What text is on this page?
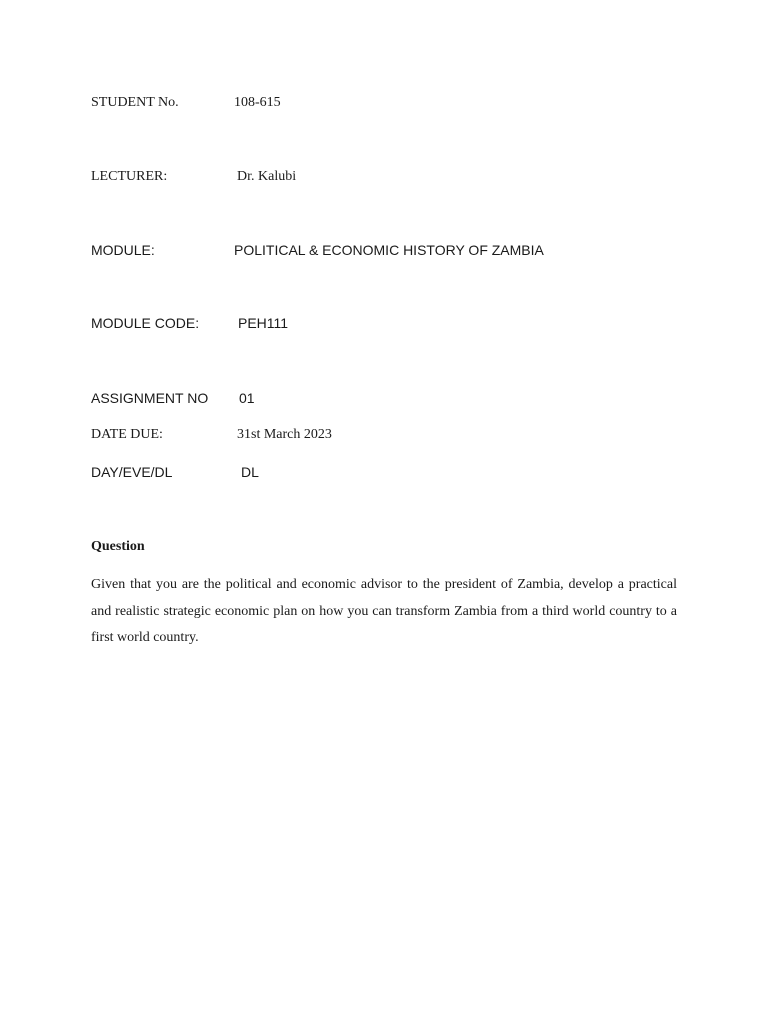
STUDENT No.	108-615
LECTURER:	Dr. Kalubi
MODULE:	POLITICAL & ECONOMIC HISTORY OF ZAMBIA
MODULE CODE:	PEH111
ASSIGNMENT NO 01
DATE DUE:	31st March 2023
DAY/EVE/DL	DL
Question
Given that you are the political and economic advisor to the president of Zambia, develop a practical and realistic strategic economic plan on how you can transform Zambia from a third world country to a first world country.
